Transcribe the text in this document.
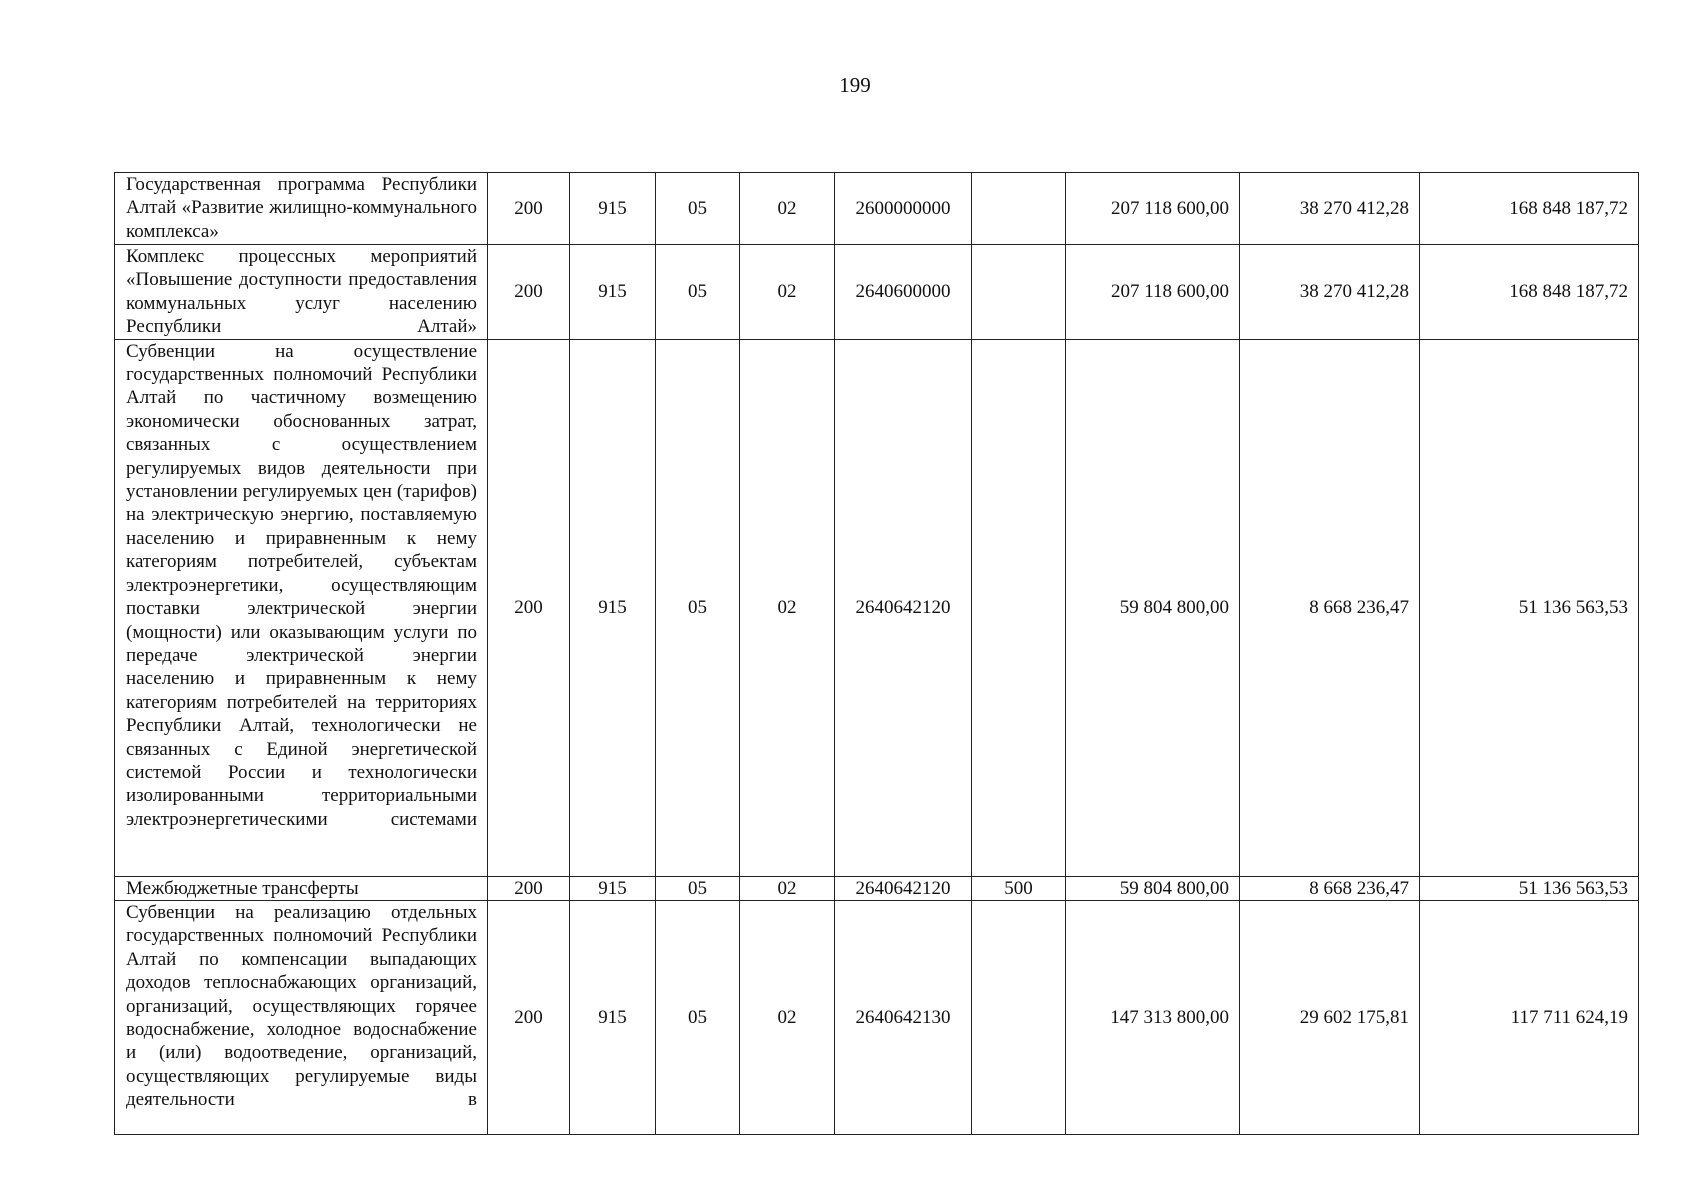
199
Государственная программа Республики Алтай «Развитие жилищно-коммунального комплекса»	200	915	05	02	2600000000		207 118 600,00	38 270 412,28	168 848 187,72
Комплекс процессных мероприятий «Повышение доступности предоставления коммунальных услуг населению Республики Алтай»	200	915	05	02	2640600000		207 118 600,00	38 270 412,28	168 848 187,72
Субвенции на осуществление государственных полномочий Республики Алтай по частичному возмещению экономически обоснованных затрат, связанных с осуществлением регулируемых видов деятельности при установлении регулируемых цен (тарифов) на электрическую энергию, поставляемую населению и приравненным к нему категориям потребителей, субъектам электроэнергетики, осуществляющим поставки электрической энергии (мощности) или оказывающим услуги по передаче электрической энергии населению и приравненным к нему категориям потребителей на территориях Республики Алтай, технологически не связанных с Единой энергетической системой России и технологически изолированными территориальными электроэнергетическими системами	200	915	05	02	2640642120		59 804 800,00	8 668 236,47	51 136 563,53
Межбюджетные трансферты	200	915	05	02	2640642120	500	59 804 800,00	8 668 236,47	51 136 563,53
Субвенции на реализацию отдельных государственных полномочий Республики Алтай по компенсации выпадающих доходов теплоснабжающих организаций, организаций, осуществляющих горячее водоснабжение, холодное водоснабжение и (или) водоотведение, организаций, осуществляющих регулируемые виды деятельности в	200	915	05	02	2640642130		147 313 800,00	29 602 175,81	117 711 624,19
